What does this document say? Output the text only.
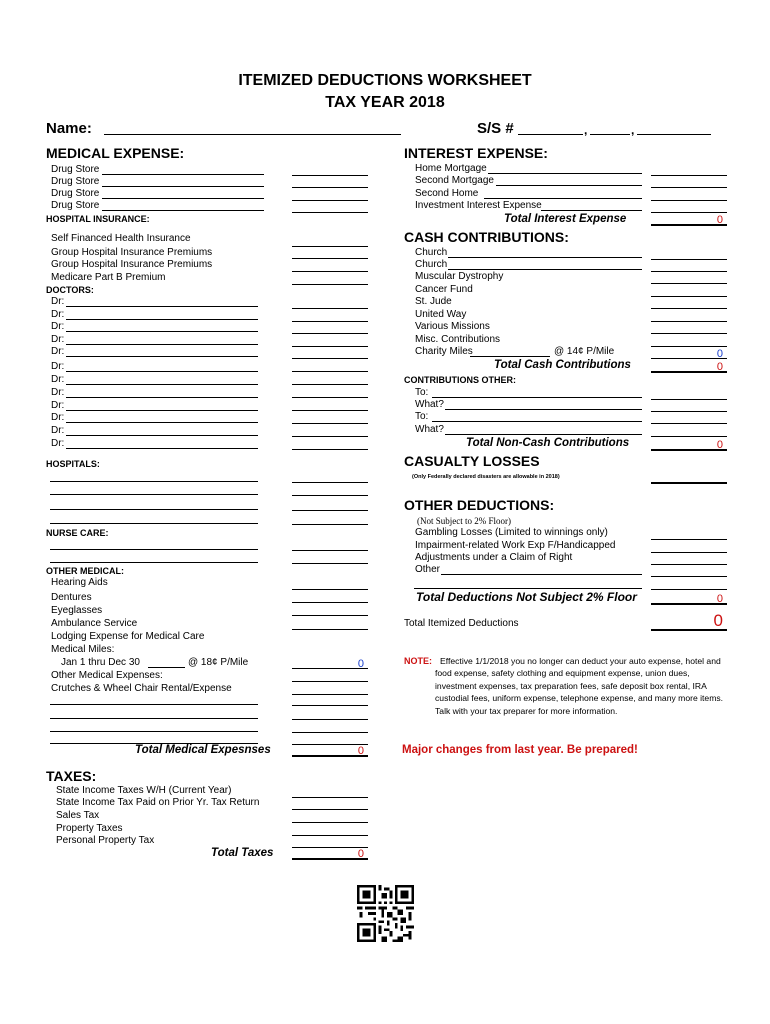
ITEMIZED DEDUCTIONS WORKSHEET
TAX YEAR 2018
Name:	S/S #	,	,
MEDICAL EXPENSE:
Drug Store
Drug Store
Drug Store
Drug Store
HOSPITAL INSURANCE:
Self Financed Health Insurance
Group Hospital Insurance Premiums
Group Hospital Insurance Premiums
Medicare Part B Premium
DOCTORS:
Dr:
Dr:
Dr:
Dr:
Dr:
Dr:
Dr:
Dr:
Dr:
Dr:
Dr:
Dr:
HOSPITALS:
NURSE CARE:
OTHER MEDICAL:
Hearing Aids
Dentures
Eyeglasses
Ambulance Service
Lodging Expense for Medical Care
Medical Miles:
Jan 1 thru Dec 30	@ 18¢ P/Mile	0
Other Medical Expenses:
Crutches & Wheel Chair Rental/Expense
Total Medical Expesnses	0
TAXES:
State Income Taxes W/H (Current Year)
State Income Tax Paid on Prior Yr. Tax Return
Sales Tax
Property Taxes
Personal Property Tax
Total Taxes	0
INTEREST EXPENSE:
Home Mortgage
Second Mortgage
Second Home
Investment Interest Expense
Total Interest Expense	0
CASH CONTRIBUTIONS:
Church
Church
Muscular Dystrophy
Cancer Fund
St. Jude
United Way
Various Missions
Misc. Contributions
Charity Miles	@ 14¢ P/Mile	0
Total Cash Contributions	0
CONTRIBUTIONS OTHER:
To:
What?
To:
What?
Total Non-Cash Contributions	0
CASUALTY LOSSES
(Only Federally declared disasters are allowable in 2018)
OTHER DEDUCTIONS:
(Not Subject to 2% Floor)
Gambling Losses (Limited to winnings only)
Impairment-related Work Exp F/Handicapped
Adjustments under a Claim of Right
Other
Total Deductions Not Subject 2% Floor	0
Total Itemized Deductions	0
NOTE: Effective 1/1/2018 you no longer can deduct your auto expense, hotel and food expense, safety clothing and equipment expense, union dues, investment expenses, tax preparation fees, safe deposit box rental, IRA custodial fees, uniform expense, telephone expense, and many more items. Talk with your tax preparer for more information.
Major changes from last year. Be prepared!
